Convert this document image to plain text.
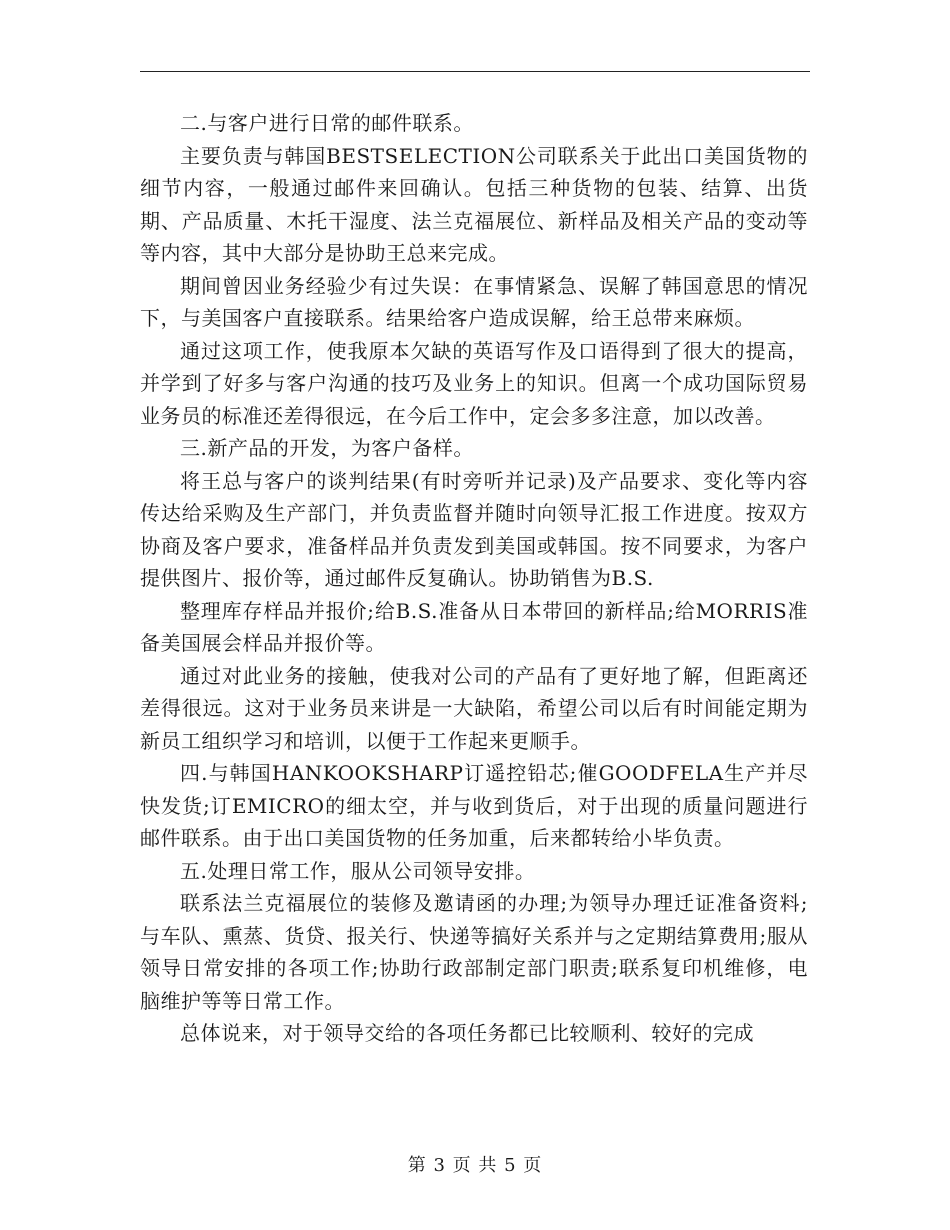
二.与客户进行日常的邮件联系。

主要负责与韩国BESTSELECTION公司联系关于此出口美国货物的细节内容，一般通过邮件来回确认。包括三种货物的包装、结算、出货期、产品质量、木托干湿度、法兰克福展位、新样品及相关产品的变动等等内容，其中大部分是协助王总来完成。

期间曾因业务经验少有过失误：在事情紧急、误解了韩国意思的情况下，与美国客户直接联系。结果给客户造成误解，给王总带来麻烦。

通过这项工作，使我原本欠缺的英语写作及口语得到了很大的提高，并学到了好多与客户沟通的技巧及业务上的知识。但离一个成功国际贸易业务员的标准还差得很远，在今后工作中，定会多多注意，加以改善。

三.新产品的开发，为客户备样。

将王总与客户的谈判结果(有时旁听并记录)及产品要求、变化等内容传达给采购及生产部门，并负责监督并随时向领导汇报工作进度。按双方协商及客户要求，准备样品并负责发到美国或韩国。按不同要求，为客户提供图片、报价等，通过邮件反复确认。协助销售为B.S.

整理库存样品并报价;给B.S.准备从日本带回的新样品;给MORRIS准备美国展会样品并报价等。

通过对此业务的接触，使我对公司的产品有了更好地了解，但距离还差得很远。这对于业务员来讲是一大缺陷，希望公司以后有时间能定期为新员工组织学习和培训，以便于工作起来更顺手。

四.与韩国HANKOOKSHARP订遥控铅芯;催GOODFELA生产并尽快发货;订EMICRO的细太空，并与收到货后，对于出现的质量问题进行邮件联系。由于出口美国货物的任务加重，后来都转给小毕负责。

五.处理日常工作，服从公司领导安排。

联系法兰克福展位的装修及邀请函的办理;为领导办理迁证准备资料;与车队、熏蒸、货贷、报关行、快递等搞好关系并与之定期结算费用;服从领导日常安排的各项工作;协助行政部制定部门职责;联系复印机维修，电脑维护等等日常工作。

总体说来，对于领导交给的各项任务都已比较顺利、较好的完成

第 3 页 共 5 页
